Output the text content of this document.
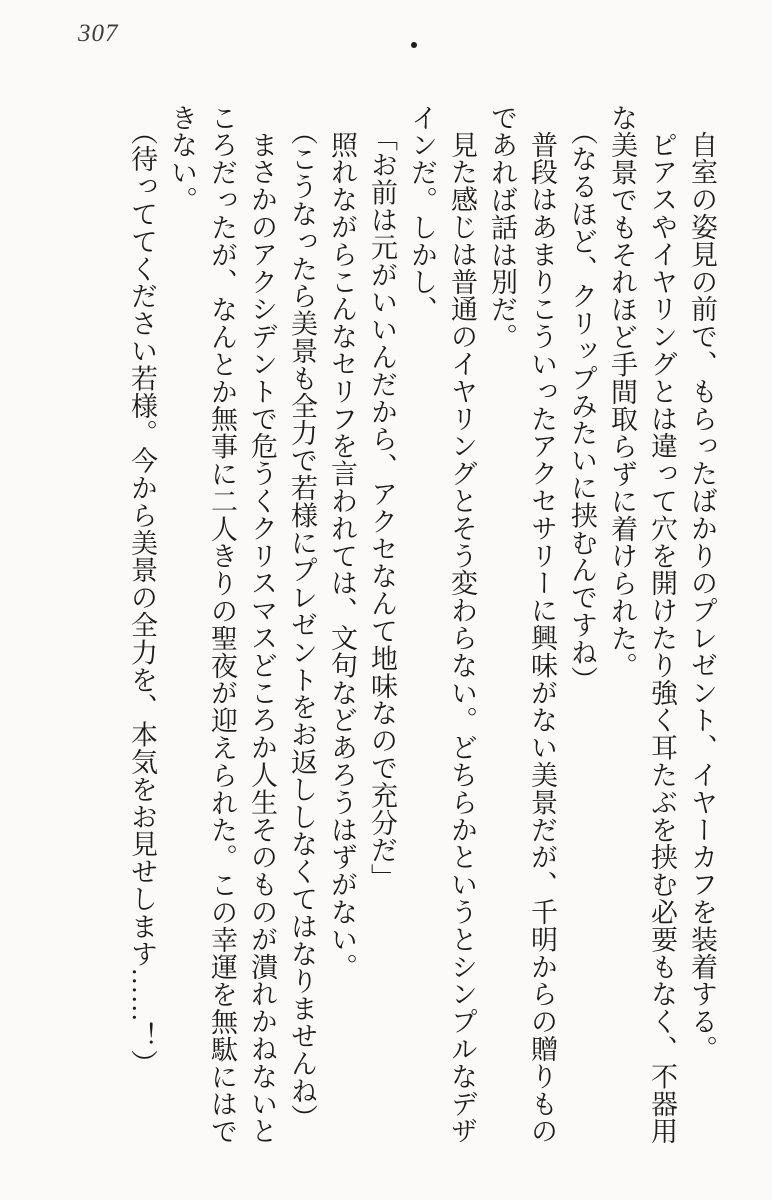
307
自室の姿見の前で、もらったばかりのプレゼント、イヤーカフを装着する。
ピアスやイヤリングとは違って穴を開けたり強く耳たぶを挟む必要もなく、不器用
な美景でもそれほど手間取らずに着けられた。
（なるほど、クリップみたいに挟むんですね）
普段はあまりこういったアクセサリーに興味がない美景だが、千明からの贈りもの
であれば話は別だ。
見た感じは普通のイヤリングとそう変わらない。どちらかというとシンプルなデザ
インだ。しかし、
「お前は元がいいんだから、アクセなんて地味なので充分だ」
照れながらこんなセリフを言われては、文句などあろうはずがない。
（こうなったら美景も全力で若様にプレゼントをお返ししなくてはなりませんね）
まさかのアクシデントで危うくクリスマスどころか人生そのものが潰れかねないと
ころだったが、なんとか無事に二人きりの聖夜が迎えられた。この幸運を無駄にはで
きない。
（待っててください若様。今から美景の全力を、本気をお見せします……！）
